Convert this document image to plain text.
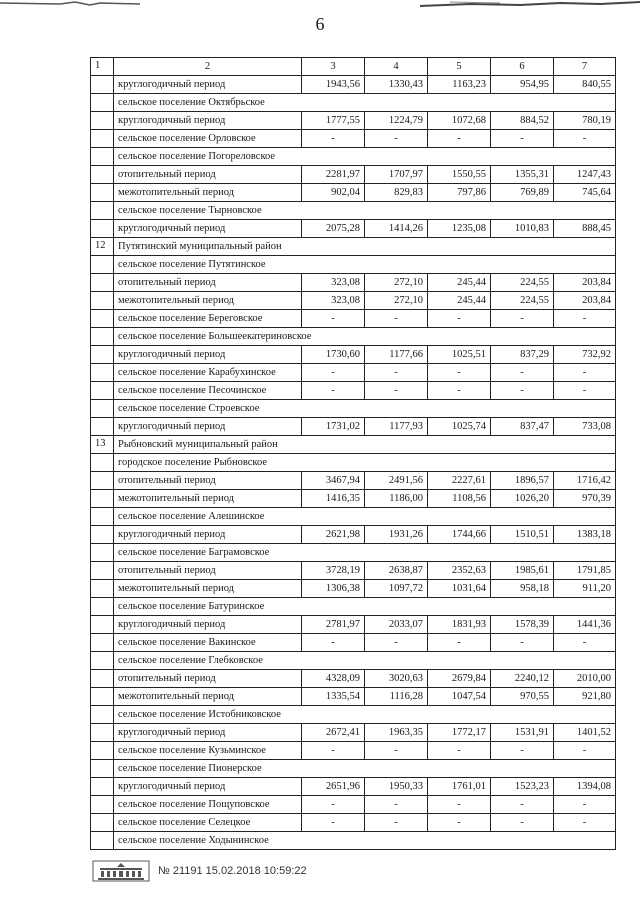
6
1	2	3	4	5	6	7
	круглогодичный период	1943,56	1330,43	1163,23	954,95	840,55
	сельское поселение Октябрьское					
	круглогодичный период	1777,55	1224,79	1072,68	884,52	780,19
	сельское поселение Орловское	-	-	-	-	-
	сельское поселение Погореловское					
	отопительный период	2281,97	1707,97	1550,55	1355,31	1247,43
	межотопительный период	902,04	829,83	797,86	769,89	745,64
	сельское поселение Тырновское					
	круглогодичный период	2075,28	1414,26	1235,08	1010,83	888,45
12	Путятинский муниципальный район					
	сельское поселение Путятинское					
	отопительный период	323,08	272,10	245,44	224,55	203,84
	межотопительный период	323,08	272,10	245,44	224,55	203,84
	сельское поселение Береговское	-	-	-	-	-
	сельское поселение Большеекатериновское					
	круглогодичный период	1730,60	1177,66	1025,51	837,29	732,92
	сельское поселение Карабухинское	-	-	-	-	-
	сельское поселение Песочинское	-	-	-	-	-
	сельское поселение Строевское					
	круглогодичный период	1731,02	1177,93	1025,74	837,47	733,08
13	Рыбновский муниципальный район					
	городское поселение Рыбновское					
	отопительный период	3467,94	2491,56	2227,61	1896,57	1716,42
	межотопительный период	1416,35	1186,00	1108,56	1026,20	970,39
	сельское поселение Алешинское					
	круглогодичный период	2621,98	1931,26	1744,66	1510,51	1383,18
	сельское поселение Баграмовское					
	отопительный период	3728,19	2638,87	2352,63	1985,61	1791,85
	межотопительный период	1306,38	1097,72	1031,64	958,18	911,20
	сельское поселение Батуринское					
	круглогодичный период	2781,97	2033,07	1831,93	1578,39	1441,36
	сельское поселение Вакинское	-	-	-	-	-
	сельское поселение Глебковское					
	отопительный период	4328,09	3020,63	2679,84	2240,12	2010,00
	межотопительный период	1335,54	1116,28	1047,54	970,55	921,80
	сельское поселение Истобниковское					
	круглогодичный период	2672,41	1963,35	1772,17	1531,91	1401,52
	сельское поселение Кузьминское	-	-	-	-	-
	сельское поселение Пионерское					
	круглогодичный период	2651,96	1950,33	1761,01	1523,23	1394,08
	сельское поселение Пощуповское	-	-	-	-	-
	сельское поселение Селецкое	-	-	-	-	-
	сельское поселение Ходынинское					
№ 21191 15.02.2018 10:59:22
